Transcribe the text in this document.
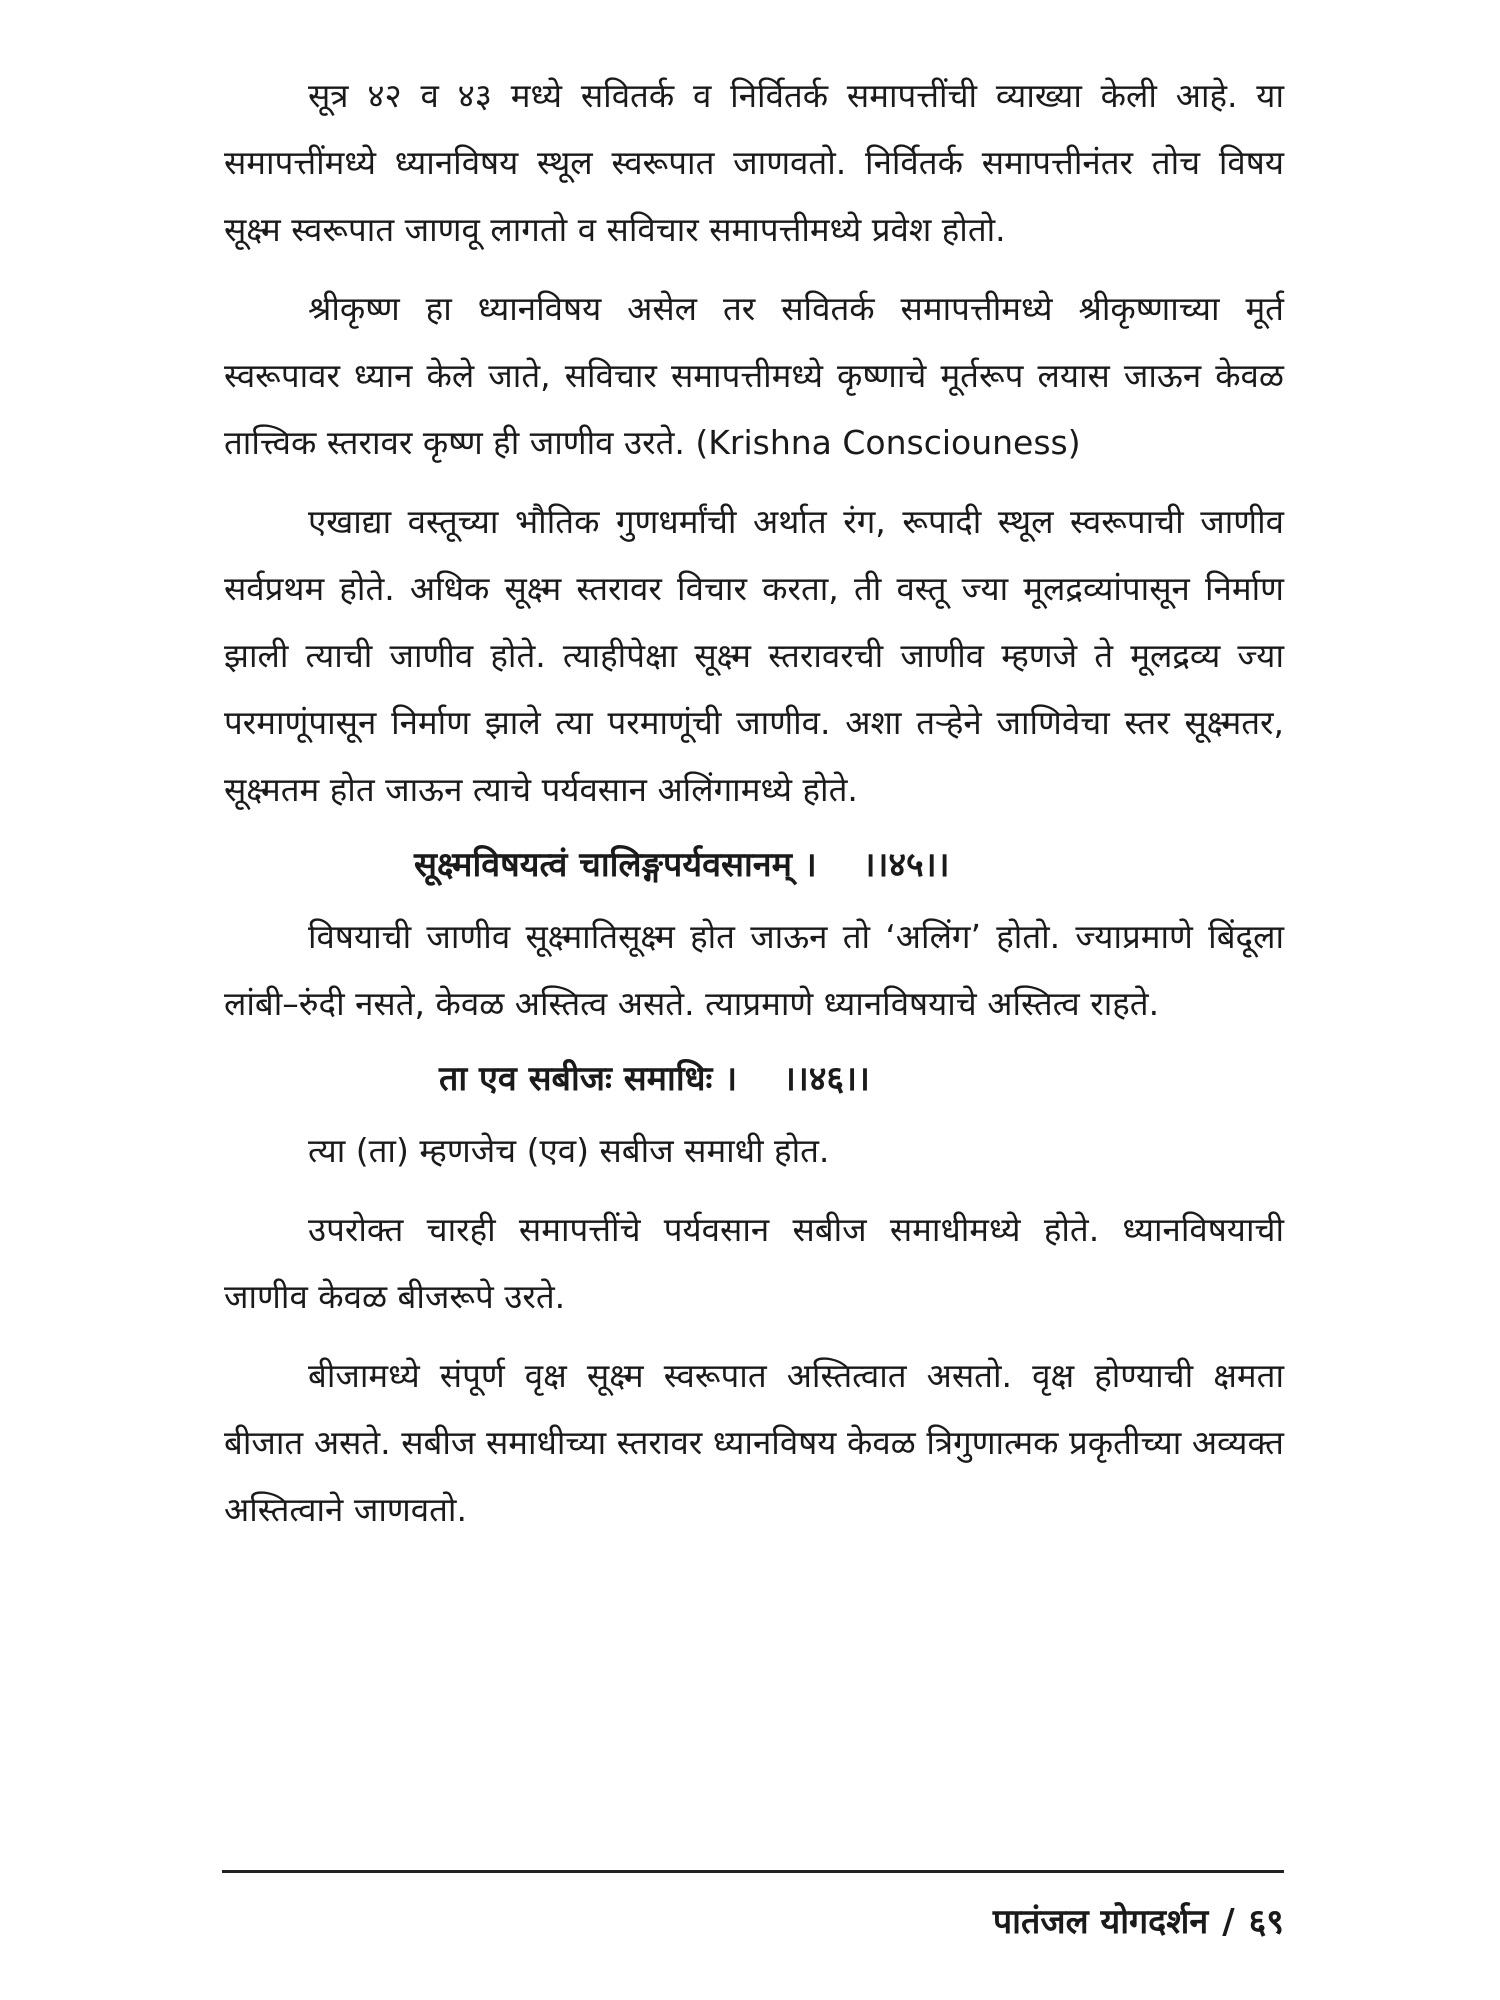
सूत्र ४२ व ४३ मध्ये सवितर्क व निर्वितर्क समापत्तींची व्याख्या केली आहे. या समापत्तींमध्ये ध्यानविषय स्थूल स्वरूपात जाणवतो. निर्वितर्क समापत्तीनंतर तोच विषय सूक्ष्म स्वरूपात जाणवू लागतो व सविचार समापत्तीमध्ये प्रवेश होतो.

श्रीकृष्ण हा ध्यानविषय असेल तर सवितर्क समापत्तीमध्ये श्रीकृष्णाच्या मूर्त स्वरूपावर ध्यान केले जाते, सविचार समापत्तीमध्ये कृष्णाचे मूर्तरूप लयास जाऊन केवळ तात्त्विक स्तरावर कृष्ण ही जाणीव उरते. (Krishna Consciouness)

एखाद्या वस्तूच्या भौतिक गुणधर्मांची अर्थात रंग, रूपादी स्थूल स्वरूपाची जाणीव सर्वप्रथम होते. अधिक सूक्ष्म स्तरावर विचार करता, ती वस्तू ज्या मूलद्रव्यांपासून निर्माण झाली त्याची जाणीव होते. त्याहीपेक्षा सूक्ष्म स्तरावरची जाणीव म्हणजे ते मूलद्रव्य ज्या परमाणूंपासून निर्माण झाले त्या परमाणूंची जाणीव. अशा तऱ्हेने जाणिवेचा स्तर सूक्ष्मतर, सूक्ष्मतम होत जाऊन त्याचे पर्यवसान अलिंगामध्ये होते.

सूक्ष्मविषयत्वं चालिङ्गपर्यवसानम् । ।।४५।।

विषयाची जाणीव सूक्ष्मातिसूक्ष्म होत जाऊन तो ‘अलिंग’ होतो. ज्याप्रमाणे बिंदूला लांबी–रुंदी नसते, केवळ अस्तित्व असते. त्याप्रमाणे ध्यानविषयाचे अस्तित्व राहते.

ता एव सबीजः समाधिः । ।।४६।।

त्या (ता) म्हणजेच (एव) सबीज समाधी होत.

उपरोक्त चारही समापत्तींचे पर्यवसान सबीज समाधीमध्ये होते. ध्यानविषयाची जाणीव केवळ बीजरूपे उरते.

बीजामध्ये संपूर्ण वृक्ष सूक्ष्म स्वरूपात अस्तित्वात असतो. वृक्ष होण्याची क्षमता बीजात असते. सबीज समाधीच्या स्तरावर ध्यानविषय केवळ त्रिगुणात्मक प्रकृतीच्या अव्यक्त अस्तित्वाने जाणवतो.

पातंजल योगदर्शन / ६९
